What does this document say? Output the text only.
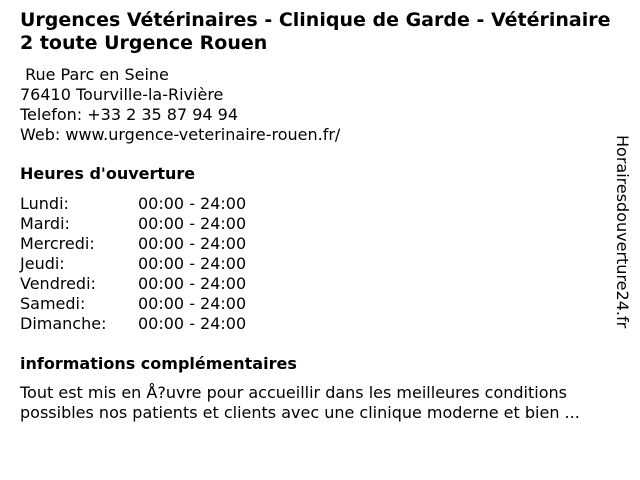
Urgences Vétérinaires - Clinique de Garde - Vétérinaire 2 toute Urgence Rouen
Rue Parc en Seine
76410 Tourville-la-Rivière
Telefon: +33 2 35 87 94 94
Web: www.urgence-veterinaire-rouen.fr/
Heures d'ouverture
Lundi:	00:00 - 24:00
Mardi:	00:00 - 24:00
Mercredi:	00:00 - 24:00
Jeudi:	00:00 - 24:00
Vendredi:	00:00 - 24:00
Samedi:	00:00 - 24:00
Dimanche:	00:00 - 24:00
informations complémentaires

Tout est mis en Å?uvre pour accueillir dans les meilleures conditions possibles nos patients et clients avec une clinique moderne et bien ...

Horairesdouverture24.fr
